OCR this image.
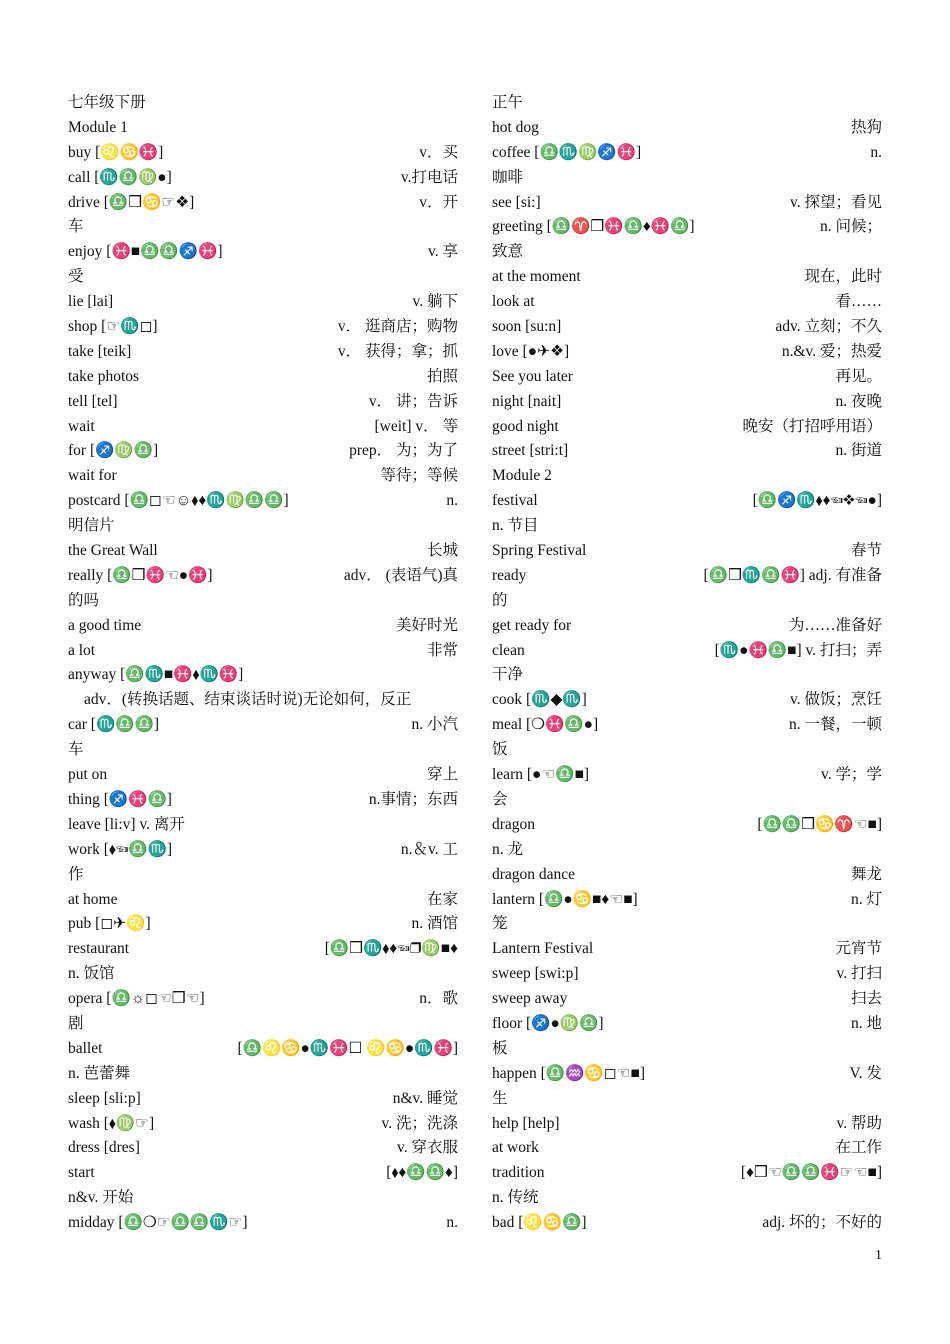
七年级下册
Module 1
buy [♌♋♓]	v．买
call [♏♎♍●]	v.打电话
drive [♎❒♋☞❖]	v．开
车
enjoy [♓■♎♎♐♓]	v. 享
受
lie [lai]	v. 躺下
shop [☞♏◻]	v． 逛商店；购物
take [teik]	v． 获得；拿；抓
take photos	拍照
tell [tel]	v． 讲；告诉
wait	[weit] v． 等
for [♐♍♎]	prep． 为；为了
wait for	等待；等候
postcard [♎◻☜☺⬧♦♏♍♎♎]	n.
明信片
the Great Wall	长城
really [♎❒♓☜●♓]	adv． (表语气)真
的吗
a good time	美好时光
a lot	非常
anyway [♎♏■♓⬧♏♓]
adv．(转换话题、结束谈话时说)无论如何，反正
car [♏♎♎]	n. 小汽
车
put on	穿上
thing [♐♓♎]	n.事情；东西
leave [li:v] v. 离开
work [⬧☜♎♏]	n.＆v. 工
作
at home	在家
pub [◻✈♌]	n. 酒馆
restaurant	[♎❒♏⬧♦☜❒♍■♦
n. 饭馆
opera [♎☼◻☜❒☜]	n．歌
剧
ballet	[♎♌♋●♏♓☐ ♌♋●♏♓]
n. 芭蕾舞
sleep [sli:p]	n&v. 睡觉
wash [⬧♍☞]	v. 洗；洗涤
dress [dres]	v. 穿衣服
start	[⬧♦♎♎♦]
n&v. 开始
midday [♎❍☞♎♎♏☞]	n.
正午
hot dog	热狗
coffee [♎♏♍♐♓]	n.
咖啡
see [si:]	v. 探望；看见
greeting [♎♈❒♓♎♦♓♎]	n. 问候；
致意
at the moment	现在，此时
look at	看……
soon [su:n]	adv. 立刻；不久
love [●✈❖]	n.&v. 爱；热爱
See you later	再见。
night [nait]	n. 夜晚
good night	晚安（打招呼用语）
street [stri:t]	n. 街道
Module 2
festival	[♎♐♏⬧♦☜❖☜●]
n. 节目
Spring Festival	春节
ready	[♎❒♏♎♓] adj. 有准备
的
get ready for	为……准备好
clean	[♏●♓♎■] v. 打扫；弄
干净
cook [♏◆♏]	v. 做饭；烹饪
meal [❍♓♎●]	n. 一餐，一顿
饭
learn [●☜♎■]	v. 学；学
会
dragon	[♎♎❒♋♈☜■]
n. 龙
dragon dance	舞龙
lantern [♎●♋■♦☜■]	n. 灯
笼
Lantern Festival	元宵节
sweep [swi:p]	v. 打扫
sweep away	扫去
floor [♐●♍♎]	n. 地
板
happen [♎♒♋◻☜■]	V. 发
生
help [help]	v. 帮助
at work	在工作
tradition	[♦❒☜♎♎♓☞☜■]
n. 传统
bad [♌♋♎]	adj. 坏的；不好的
1
